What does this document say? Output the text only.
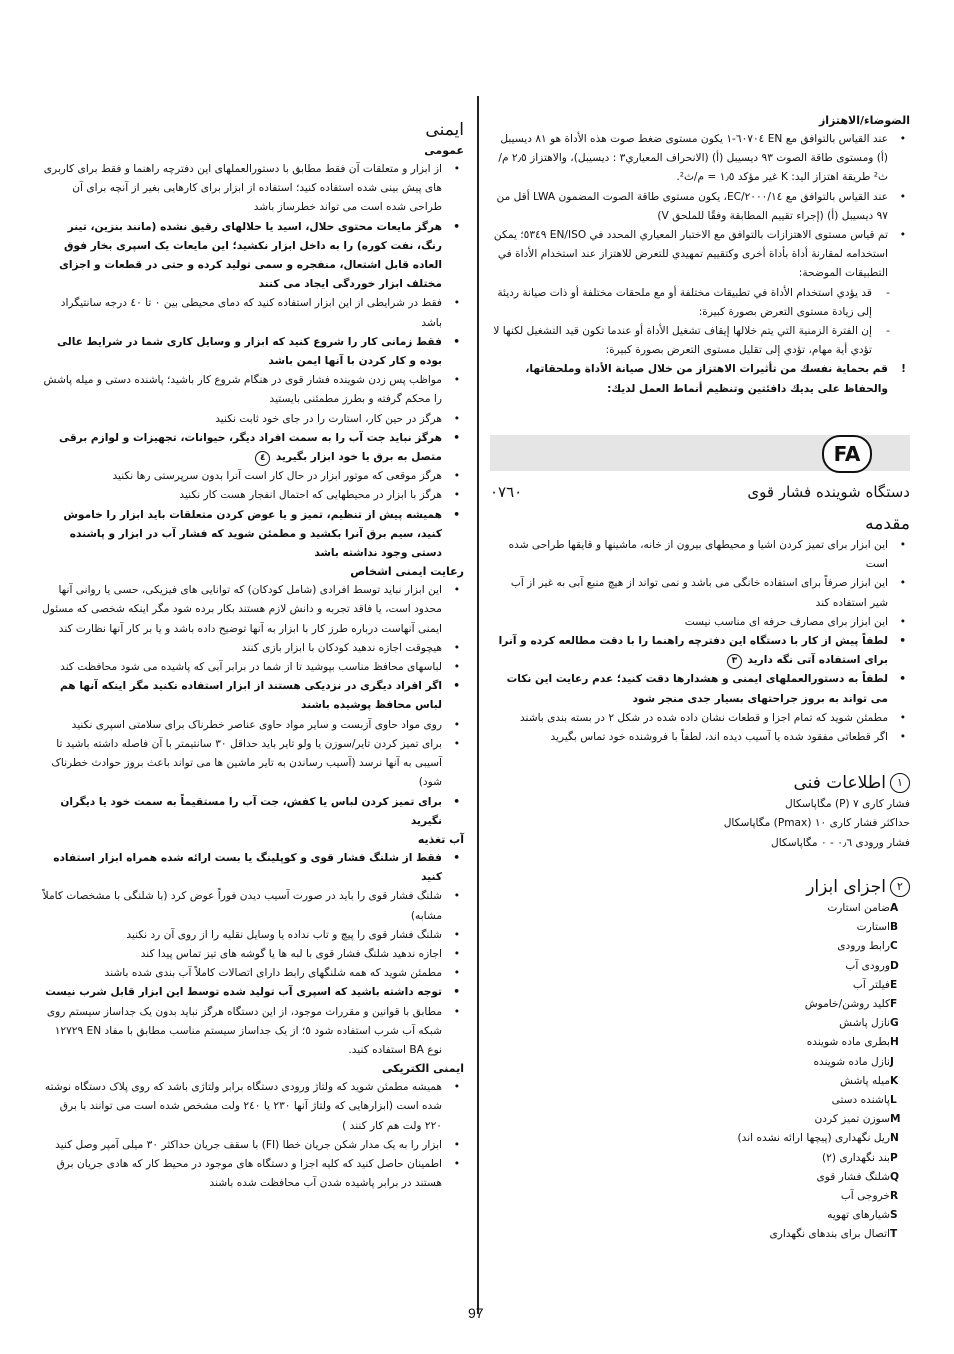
الضوضاء/الاهتزاز
• عند القياس بالتوافق مع EN ٦٠٧٠٤-١ يكون مستوى ضغط صوت هذه الأداة هو ٨١ ديسيبل (أ) ومستوى طاقة الصوت ٩٣ ديسيبل (أ) (الانحراف المعياري٣ : ديسيبل)، والاهتزاز ٢٫٥ م/ث² طريقة اهتزاز اليد: K غير مؤكد ١٫٥ = م/ث².
• عند القياس بالتوافق مع ٢٠٠٠/١٤/EC، يكون مستوى طاقة الصوت المضمون LWA أقل من ٩٧ ديسيبل (أ) (إجراء تقييم المطابقة وفقًا للملحق V)
• تم قياس مستوى الاهتزازات بالتوافق مع الاختبار المعياري المحدد في EN/ISO ٥٣٤٩؛ يمكن استخدامه لمقارنة أداة بأداة أخرى وكتقييم تمهيدي للتعرض للاهتزاز عند استخدام الأداة في التطبيقات الموضحة:
- قد يؤدي استخدام الأداة في تطبيقات مختلفة أو مع ملحقات مختلفة أو ذات صيانة رديئة إلى زيادة مستوى التعرض بصورة كبيرة:
- إن الفترة الزمنية التي يتم خلالها إيقاف تشغيل الأداة أو عندما تكون قيد التشغيل لكنها لا تؤدي أية مهام، تؤدي إلى تقليل مستوى التعرض بصورة كبيرة:
! قم بحماية نفسك من تأثيرات الاهتزاز من خلال صيانة الأداة وملحقاتها، والحفاظ على يديك دافئتين وتنظيم أنماط العمل لديك:
FA
دستگاه شوينده فشار قوی
۰۷٦۰
مقدمه
• این ابزار برای تمیز کردن اشیا و محیطهای بیرون از خانه، ماشینها و قایقها طراحی شده است
• این ابزار صرفاً برای استفاده خانگی می باشد و نمی تواند از هیچ منبع آبی به غیر از آب شیر استفاده کند
• این ابزار برای مصارف حرفه ای مناسب نیست
• لطفاً پیش از کار با دستگاه این دفترچه راهنما را با دقت مطالعه کرده و آنرا برای استفاده آتی نگه دارید ٣
• لطفاً به دستورالعملهای ایمنی و هشدارها دقت کنید؛ عدم رعایت این نکات می تواند به بروز جراحتهای بسیار جدی منجر شود
• مطمئن شوید که تمام اجزا و قطعات نشان داده شده در شکل ٢ در بسته بندی باشند
• اگر قطعاتی مفقود شده یا آسیب دیده اند، لطفاً با فروشنده خود تماس بگیرید
١اطلاعات فنی
فشار کاری ٧ (P) مگاپاسکال
حداکثر فشار کاری ١٠ (Pmax) مگاپاسکال
فشار ورودی ٠٫٦ - ٠ مگاپاسکال
٢اجزای ابزار
A
ضامن استارت
B
استارت
C
رابط ورودی
D
ورودی آب
E
فیلتر آب
F
کلید روشن/خاموش
G
نازل پاشش
H
بطری ماده شوینده
J
نازل ماده شوینده
K
میله پاشش
L
پاشنده دستی
M
سوزن تمیز کردن
N
ریل نگهداری (پیچها ارائه نشده اند)
P
بند نگهداری (٢)
Q
شلنگ فشار قوی
R
خروجی آب
S
شیارهای تهویه
T
اتصال برای بندهای نگهداری
ایمنی
عمومی
• از ابزار و متعلقات آن فقط مطابق با دستورالعملهای این دفترچه راهنما و فقط برای کاربری های پیش بینی شده استفاده کنید؛ استفاده از ابزار برای کارهایی بغیر از آنچه برای آن طراحی شده است می تواند خطرساز باشد
• هرگز مایعات محتوی حلال، اسید یا حلالهای رقیق نشده (مانند بنزین، تینر رنگ، نفت کوره) را به داخل ابزار نکشید؛ این مایعات یک اسپری بخار فوق العاده قابل اشتعال، منفجره و سمی تولید کرده و حتی در قطعات و اجزای مختلف ابزار خوردگی ایجاد می کنند
• فقط در شرایطی از این ابزار استفاده کنید که دمای محیطی بین ٠ تا ٤٠ درجه سانتیگراد باشد
• فقط زمانی کار را شروع کنید که ابزار و وسایل کاری شما در شرایط عالی بوده و کار کردن با آنها ایمن باشد
• مواظب پس زدن شوینده فشار قوی در هنگام شروع کار باشید؛ پاشنده دستی و میله پاشش را محکم گرفته و بطرز مطمئنی بایستید
• هرگز در حین کار، استارت را در جای خود ثابت نکنید
• هرگز نباید جت آب را به سمت افراد دیگر، حیوانات، تجهیزات و لوازم برقی متصل به برق یا خود ابزار بگیرید ٤
• هرگز موقعی که موتور ابزار در حال کار است آنرا بدون سرپرستی رها نکنید
• هرگز با ابزار در محیطهایی که احتمال انفجار هست کار نکنید
• همیشه پیش از تنظیم، تمیز و یا عوض کردن متعلقات باید ابزار را خاموش کنید، سیم برق آنرا بکشید و مطمئن شوید که فشار آب در ابزار و پاشنده دستی وجود نداشته باشد
رعایت ایمنی اشخاص
• این ابزار نباید توسط افرادی (شامل کودکان) که توانایی های فیزیکی، حسی یا روانی آنها محدود است، یا فاقد تجربه و دانش لازم هستند بکار برده شود مگر اینکه شخصی که مسئول ایمنی آنهاست درباره طرز کار با ابزار به آنها توضیح داده باشد و یا بر کار آنها نظارت کند
• هیچوقت اجازه ندهید کودکان با ابزار بازی کنند
• لباسهای محافظ مناسب بپوشید تا از شما در برابر آبی که پاشیده می شود محافظت کند
• اگر افراد دیگری در نزدیکی هستند از ابزار استفاده نکنید مگر اینکه آنها هم لباس محافظ پوشیده باشند
• روی مواد حاوی آزبست و سایر مواد حاوی عناصر خطرناک برای سلامتی اسپری نکنید
• برای تمیز کردن تایر/سوزن یا ولو تایر باید حداقل ٣٠ سانتیمتر با آن فاصله داشته باشید تا آسیبی به آنها نرسد (آسیب رساندن به تایر ماشین ها می تواند باعث بروز حوادث خطرناک شود)
• برای تمیز کردن لباس یا کفش، جت آب را مستقیماً به سمت خود یا دیگران نگیرید
آب تغذیه
• فقط از شلنگ فشار قوی و کوپلینگ یا بست ارائه شده همراه ابزار استفاده کنید
• شلنگ فشار قوی را باید در صورت آسیب دیدن فوراً عوض کرد (با شلنگی با مشخصات کاملاً مشابه)
• شلنگ فشار قوی را پیچ و تاب نداده یا وسایل نقلیه را از روی آن رد نکنید
• اجازه ندهید شلنگ فشار قوی با لبه ها یا گوشه های تیز تماس پیدا کند
• مطمئن شوید که همه شلنگهای رابط دارای اتصالات کاملاً آب بندی شده باشند
• توجه داشته باشید که اسپری آب تولید شده توسط این ابزار قابل شرب نیست
• مطابق با قوانین و مقررات موجود، از این دستگاه هرگز نباید بدون یک جداساز سیستم روی شبکه آب شرب استفاده شود ٥؛ از یک جداساز سیستم مناسب مطابق با مفاد EN ١٢٧٢٩ نوع BA استفاده کنید.
ایمنی الکتریکی
• همیشه مطمئن شوید که ولتاژ ورودی دستگاه برابر ولتاژی باشد که روی پلاک دستگاه نوشته شده است (ابزارهایی که ولتاژ آنها ٢٣٠ یا ٢٤٠ ولت مشخص شده است می توانند با برق ٢٢٠ ولت هم کار کنند )
• ابزار را به یک مدار شکن جریان خطا (FI) با سقف جریان حداکثر ٣٠ میلی آمپر وصل کنید
• اطمینان حاصل کنید که کلیه اجزا و دستگاه های موجود در محیط کار که هادی جریان برق هستند در برابر پاشیده شدن آب محافظت شده باشند
97
